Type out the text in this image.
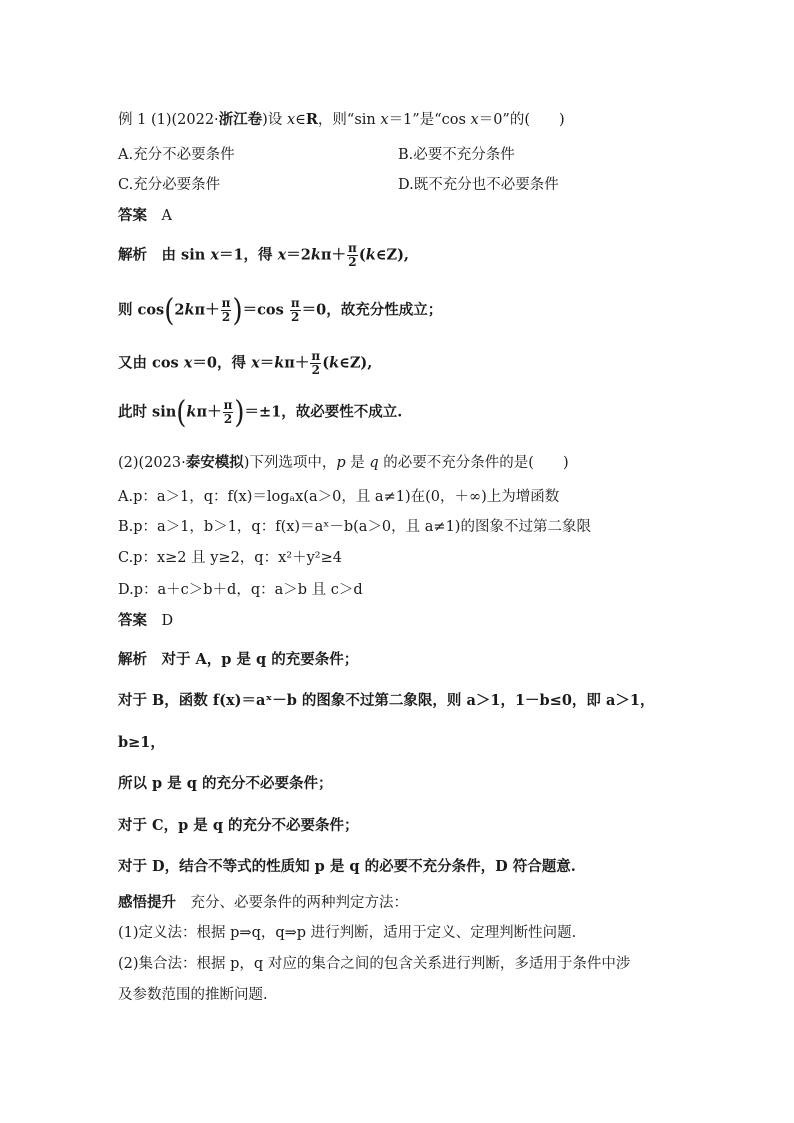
例 1 (1)(2022·浙江卷)设 x∈R，则“sin x＝1”是“cos x＝0”的(　　)
A.充分不必要条件	B.必要不充分条件
C.充分必要条件	D.既不充分也不必要条件
答案　 A
解析　 由 sin x＝1，得 $x=2k\pi+ \frac{\pi}{2}$ (k∈Z),
则 $\cos(2k\pi+ \frac{\pi}{2} )=\cos \frac{\pi}{2} =0$，故充分性成立；
又由 cos x＝0，得 $x=k\pi+ \frac{\pi}{2}$ (k∈Z),
此时 $\sin(k\pi+ \frac{\pi}{2} )=\pm 1$，故必要性不成立.
(2)(2023·泰安模拟)下列选项中，p 是 q 的必要不充分条件的是(　　)
A.p：a＞1，q：f(x)＝logₐx(a＞0，且 a≠1)在(0，＋∞)上为增函数
B.p：a＞1，b＞1，q：f(x)＝aˣ－b(a＞0，且 a≠1)的图象不过第二象限
C.p：x≥2 且 y≥2，q：x²＋y²≥4
D.p：a＋c＞b＋d，q：a＞b 且 c＞d
答案　 D
解析　 对于 A，p 是 q 的充要条件；
对于 B，函数 f(x)＝aˣ－b 的图象不过第二象限，则 a＞1，1－b≤0，即 a＞1，
b≥1，
所以 p 是 q 的充分不必要条件；
对于 C，p 是 q 的充分不必要条件；
对于 D，结合不等式的性质知 p 是 q 的必要不充分条件，D 符合题意.
感悟提升　 充分、必要条件的两种判定方法：
(1)定义法：根据 p⇒q，q⇒p 进行判断，适用于定义、定理判断性问题.
(2)集合法：根据 p，q 对应的集合之间的包含关系进行判断，多适用于条件中涉
及参数范围的推断问题.
